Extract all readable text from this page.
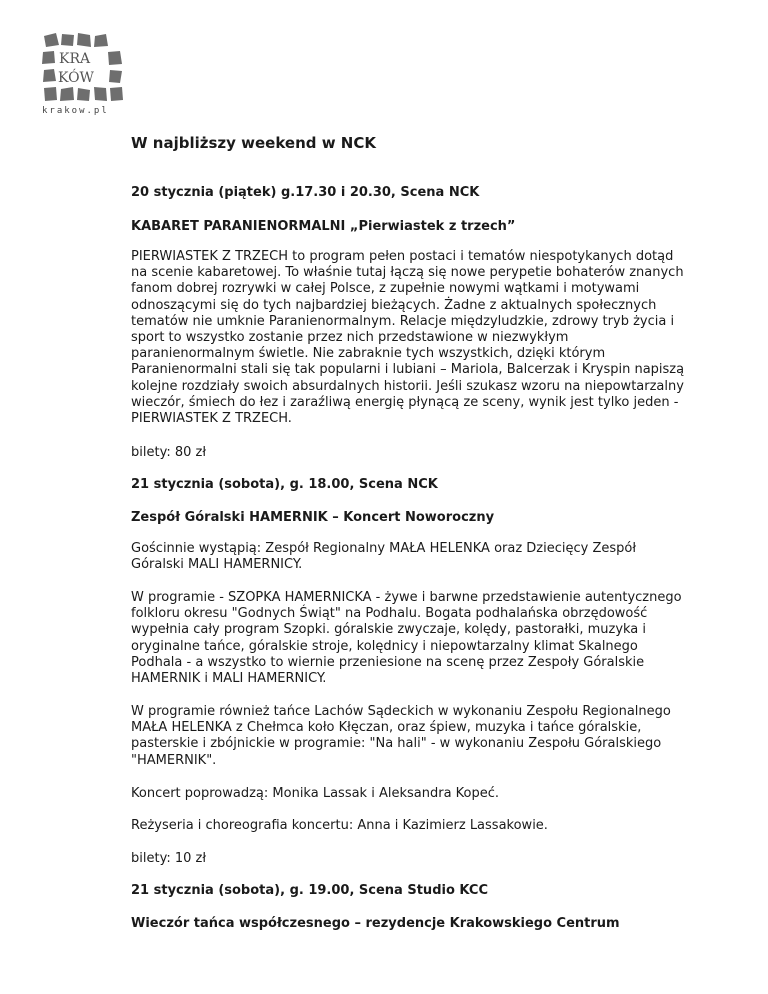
KRA
KÓW
krakow.pl
W najbliższy weekend w NCK
20 stycznia (piątek) g.17.30 i 20.30, Scena NCK
KABARET PARANIENORMALNI „Pierwiastek z trzech”
PIERWIASTEK Z TRZECH to program pełen postaci i tematów niespotykanych dotąd
na scenie kabaretowej. To właśnie tutaj łączą się nowe perypetie bohaterów znanych
fanom dobrej rozrywki w całej Polsce, z zupełnie nowymi wątkami i motywami
odnoszącymi się do tych najbardziej bieżących. Żadne z aktualnych społecznych
tematów nie umknie Paranienormalnym. Relacje międzyludzkie, zdrowy tryb życia i
sport to wszystko zostanie przez nich przedstawione w niezwykłym
paranienormalnym świetle. Nie zabraknie tych wszystkich, dzięki którym
Paranienormalni stali się tak popularni i lubiani – Mariola, Balcerzak i Kryspin napiszą
kolejne rozdziały swoich absurdalnych historii. Jeśli szukasz wzoru na niepowtarzalny
wieczór, śmiech do łez i zaraźliwą energię płynącą ze sceny, wynik jest tylko jeden -
PIERWIASTEK Z TRZECH.
bilety: 80 zł
21 stycznia (sobota), g. 18.00, Scena NCK
Zespół Góralski HAMERNIK – Koncert Noworoczny
Gościnnie wystąpią: Zespół Regionalny MAŁA HELENKA oraz Dziecięcy Zespół
Góralski MALI HAMERNICY.
W programie - SZOPKA HAMERNICKA - żywe i barwne przedstawienie autentycznego
folkloru okresu "Godnych Świąt" na Podhalu. Bogata podhalańska obrzędowość
wypełnia cały program Szopki. góralskie zwyczaje, kolędy, pastorałki, muzyka i
oryginalne tańce, góralskie stroje, kolędnicy i niepowtarzalny klimat Skalnego
Podhala - a wszystko to wiernie przeniesione na scenę przez Zespoły Góralskie
HAMERNIK i MALI HAMERNICY.
W programie również tańce Lachów Sądeckich w wykonaniu Zespołu Regionalnego
MAŁA HELENKA z Chełmca koło Kłęczan, oraz śpiew, muzyka i tańce góralskie,
pasterskie i zbójnickie w programie: "Na hali" - w wykonaniu Zespołu Góralskiego
"HAMERNIK".
Koncert poprowadzą: Monika Lassak i Aleksandra Kopeć.
Reżyseria i choreografia koncertu: Anna i Kazimierz Lassakowie.
bilety: 10 zł
21 stycznia (sobota), g. 19.00, Scena Studio KCC
Wieczór tańca współczesnego – rezydencje Krakowskiego Centrum
